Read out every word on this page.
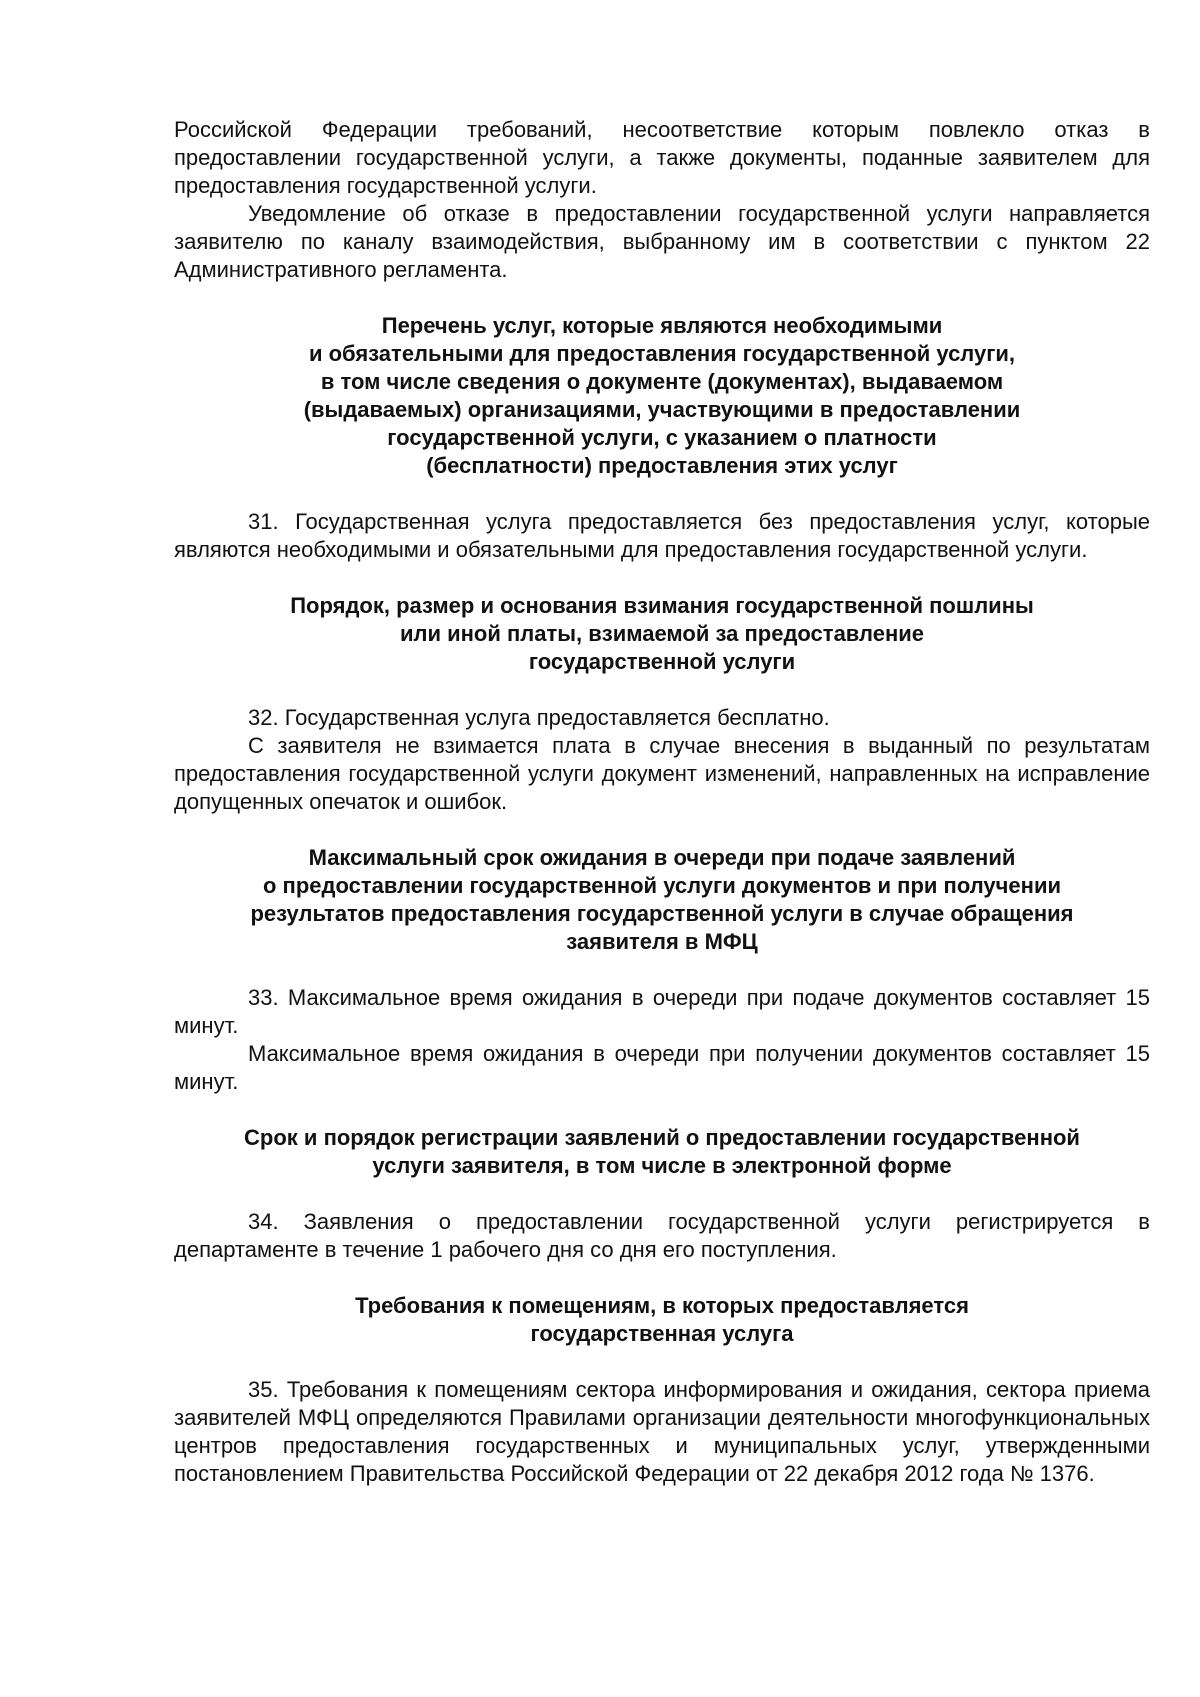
Российской Федерации требований, несоответствие которым повлекло отказ в предоставлении государственной услуги, а также документы, поданные заявителем для предоставления государственной услуги.

Уведомление об отказе в предоставлении государственной услуги направляется заявителю по каналу взаимодействия, выбранному им в соответствии с пунктом 22 Административного регламента.

Перечень услуг, которые являются необходимыми
и обязательными для предоставления государственной услуги,
в том числе сведения о документе (документах), выдаваемом
(выдаваемых) организациями, участвующими в предоставлении
государственной услуги, с указанием о платности
(бесплатности) предоставления этих услуг

31. Государственная услуга предоставляется без предоставления услуг, которые являются необходимыми и обязательными для предоставления государственной услуги.

Порядок, размер и основания взимания государственной пошлины
или иной платы, взимаемой за предоставление
государственной услуги

32. Государственная услуга предоставляется бесплатно.

С заявителя не взимается плата в случае внесения в выданный по результатам предоставления государственной услуги документ изменений, направленных на исправление допущенных опечаток и ошибок.

Максимальный срок ожидания в очереди при подаче заявлений
о предоставлении государственной услуги документов и при получении
результатов предоставления государственной услуги в случае обращения
заявителя в МФЦ

33. Максимальное время ожидания в очереди при подаче документов составляет 15 минут.

Максимальное время ожидания в очереди при получении документов составляет 15 минут.

Срок и порядок регистрации заявлений о предоставлении государственной
услуги заявителя, в том числе в электронной форме

34. Заявления о предоставлении государственной услуги регистрируется в департаменте в течение 1 рабочего дня со дня его поступления.

Требования к помещениям, в которых предоставляется
государственная услуга

35. Требования к помещениям сектора информирования и ожидания, сектора приема заявителей МФЦ определяются Правилами организации деятельности многофункциональных центров предоставления государственных и муниципальных услуг, утвержденными постановлением Правительства Российской Федерации от 22 декабря 2012 года № 1376.
